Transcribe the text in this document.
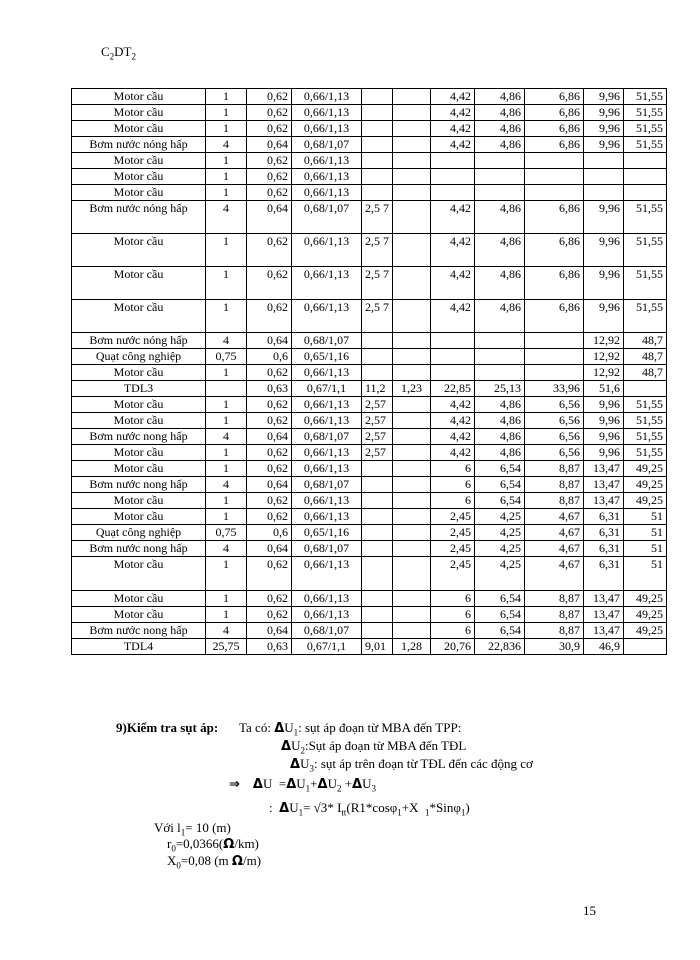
$C_2DT_2$
Motor cầu	1	0,62	0,66/1,13			4,42	4,86	6,86	9,96	51,55
Motor cầu	1	0,62	0,66/1,13			4,42	4,86	6,86	9,96	51,55
Motor cầu	1	0,62	0,66/1,13			4,42	4,86	6,86	9,96	51,55
Bơm nước nóng hấp	4	0,64	0,68/1,07			4,42	4,86	6,86	9,96	51,55
Motor cầu	1	0,62	0,66/1,13							
Motor cầu	1	0,62	0,66/1,13							
Motor cầu	1	0,62	0,66/1,13							
Bơm nước nóng hấp	4	0,64	0,68/1,07	2,5 7		4,42	4,86	6,86	9,96	51,55
Motor cầu	1	0,62	0,66/1,13	2,5 7		4,42	4,86	6,86	9,96	51,55
Motor cầu	1	0,62	0,66/1,13	2,5 7		4,42	4,86	6,86	9,96	51,55
Motor cầu	1	0,62	0,66/1,13	2,5 7		4,42	4,86	6,86	9,96	51,55
Bơm nước nóng hấp	4	0,64	0,68/1,07						12,92	48,7
Quạt công nghiệp	0,75	0,6	0,65/1,16						12,92	48,7
Motor cầu	1	0,62	0,66/1,13						12,92	48,7
TDL3		0,63	0,67/1,1	11,2	1,23	22,85	25,13	33,96	51,6	
Motor cầu	1	0,62	0,66/1,13	2,57		4,42	4,86	6,56	9,96	51,55
Motor cầu	1	0,62	0,66/1,13	2,57		4,42	4,86	6,56	9,96	51,55
Bơm nước nong hấp	4	0,64	0,68/1,07	2,57		4,42	4,86	6,56	9,96	51,55
Motor cầu	1	0,62	0,66/1,13	2,57		4,42	4,86	6,56	9,96	51,55
Motor cầu	1	0,62	0,66/1,13			6	6,54	8,87	13,47	49,25
Bơm nước nong hấp	4	0,64	0,68/1,07			6	6,54	8,87	13,47	49,25
Motor cầu	1	0,62	0,66/1,13			6	6,54	8,87	13,47	49,25
Motor cầu	1	0,62	0,66/1,13			2,45	4,25	4,67	6,31	51
Quạt công nghiệp	0,75	0,6	0,65/1,16			2,45	4,25	4,67	6,31	51
Bơm nước nong hấp	4	0,64	0,68/1,07			2,45	4,25	4,67	6,31	51
Motor cầu	1	0,62	0,66/1,13			2,45	4,25	4,67	6,31	51
Motor cầu	1	0,62	0,66/1,13			6	6,54	8,87	13,47	49,25
Motor cầu	1	0,62	0,66/1,13			6	6,54	8,87	13,47	49,25
Bơm nước nong hấp	4	0,64	0,68/1,07			6	6,54	8,87	13,47	49,25
TDL4	25,75	0,63	0,67/1,1	9,01	1,28	20,76	22,836	30,9	46,9	
9)Kiểm tra sụt áp: Ta có: $\Delta U_1$: sụt áp đoạn từ MBA đến TPP:
$\Delta U_2:Sụt$ áp đoạn từ MBA đến TĐL
$\Delta U_3$: sụt áp trên đoạn từ TĐL đến các động cơ
⇒ $\Delta U =\Delta U_1+\Delta U_2 +\Delta U_3$
: $\Delta U_1= √3*$ $I_{tt}(R1*\cos\varphi_1+X$ $_1$*Sinφ$_1$)
Với $l_1= 10$ (m)
$r_0=0,0366(\Omega/km)$
$X_0=0,08$ (m Ω/m)
15
